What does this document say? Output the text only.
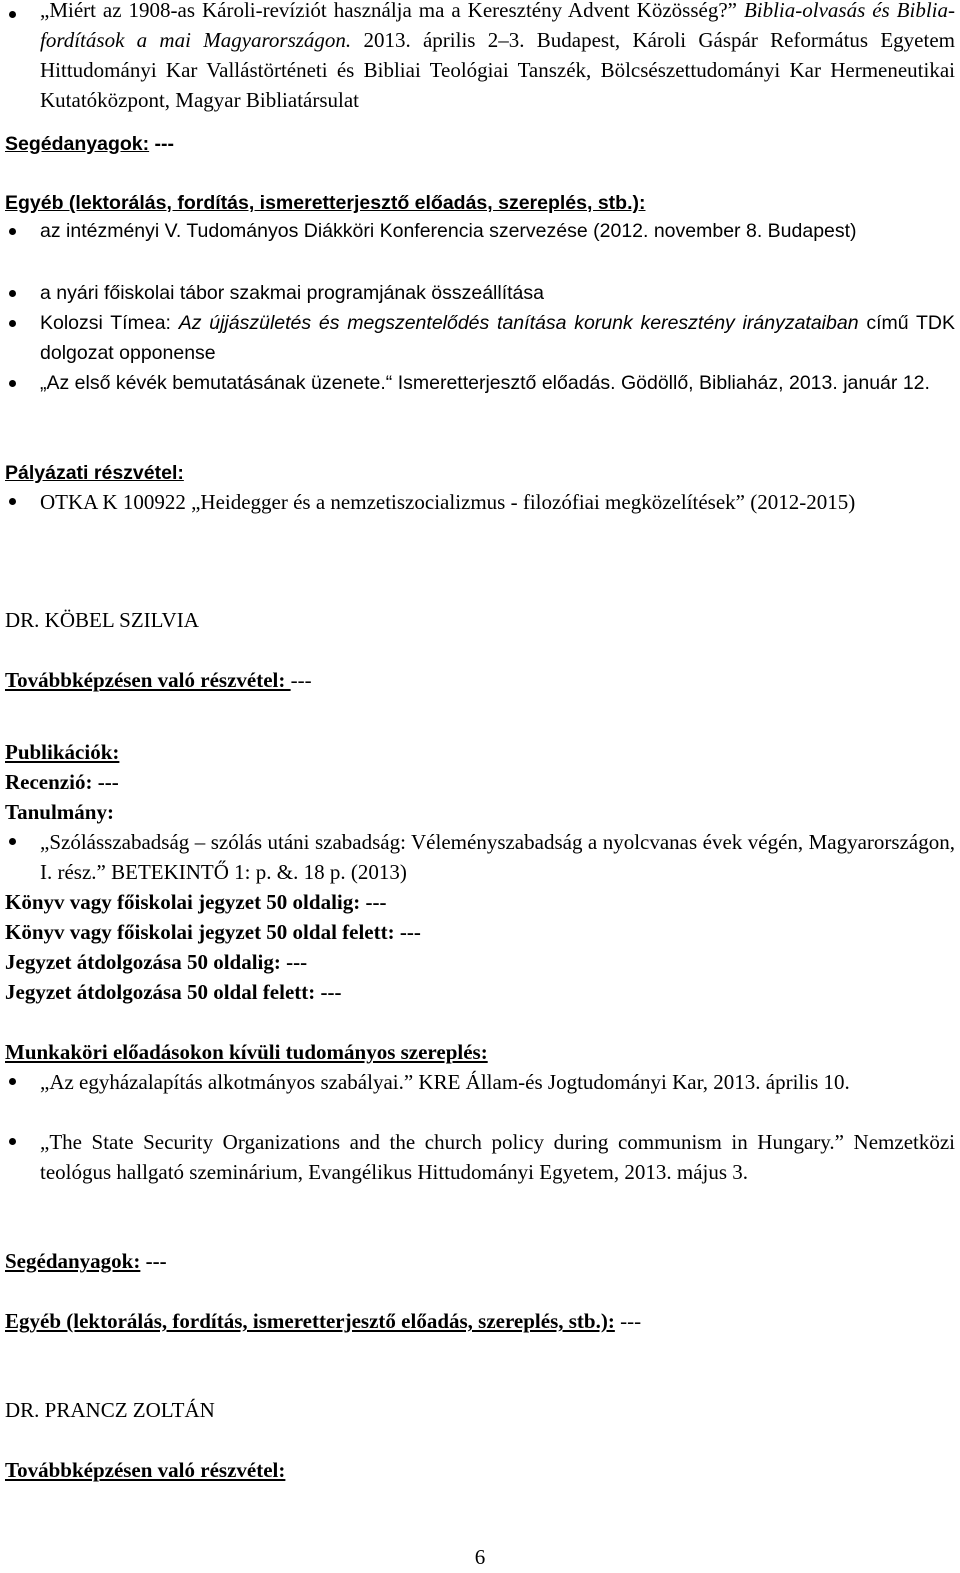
„Miért az 1908-as Károli-revíziót használja ma a Keresztény Advent Közösség?” Biblia-olvasás és Biblia-fordítások a mai Magyarországon. 2013. április 2–3. Budapest, Károli Gáspár Református Egyetem Hittudományi Kar Vallástörténeti és Bibliai Teológiai Tanszék, Bölcsészettudományi Kar Hermeneutikai Kutatóközpont, Magyar Bibliatársulat
Segédanyagok: ---
Egyéb (lektorálás, fordítás, ismeretterjesztő előadás, szereplés, stb.):
az intézményi V. Tudományos Diákköri Konferencia szervezése (2012. november 8. Budapest)
a nyári főiskolai tábor szakmai programjának összeállítása
Kolozsi Tímea: Az újjászületés és megszentelődés tanítása korunk keresztény irányzataiban című TDK dolgozat opponense
„Az első kévék bemutatásának üzenete.“ Ismeretterjesztő előadás. Gödöllő, Bibliaház, 2013. január 12.
Pályázati részvétel:
OTKA K 100922 „Heidegger és a nemzetiszocializmus - filozófiai megközelítések” (2012-2015)
DR. KÖBEL SZILVIA
Továbbképzésen való részvétel: ---
Publikációk:
Recenzió: ---
Tanulmány:
„Szólásszabadság – szólás utáni szabadság: Véleményszabadság a nyolcvanas évek végén, Magyarországon, I. rész.” BETEKINTŐ 1: p. &. 18 p. (2013)
Könyv vagy főiskolai jegyzet 50 oldalig: ---
Könyv vagy főiskolai jegyzet 50 oldal felett: ---
Jegyzet átdolgozása 50 oldalig: ---
Jegyzet átdolgozása 50 oldal felett: ---
Munkaköri előadásokon kívüli tudományos szereplés:
„Az egyházalapítás alkotmányos szabályai.” KRE Állam-és Jogtudományi Kar, 2013. április 10.
„The State Security Organizations and the church policy during communism in Hungary.” Nemzetközi teológus hallgató szeminárium, Evangélikus Hittudományi Egyetem, 2013. május 3.
Segédanyagok: ---
Egyéb (lektorálás, fordítás, ismeretterjesztő előadás, szereplés, stb.): ---
DR. PRANCZ ZOLTÁN
Továbbképzésen való részvétel:
6
